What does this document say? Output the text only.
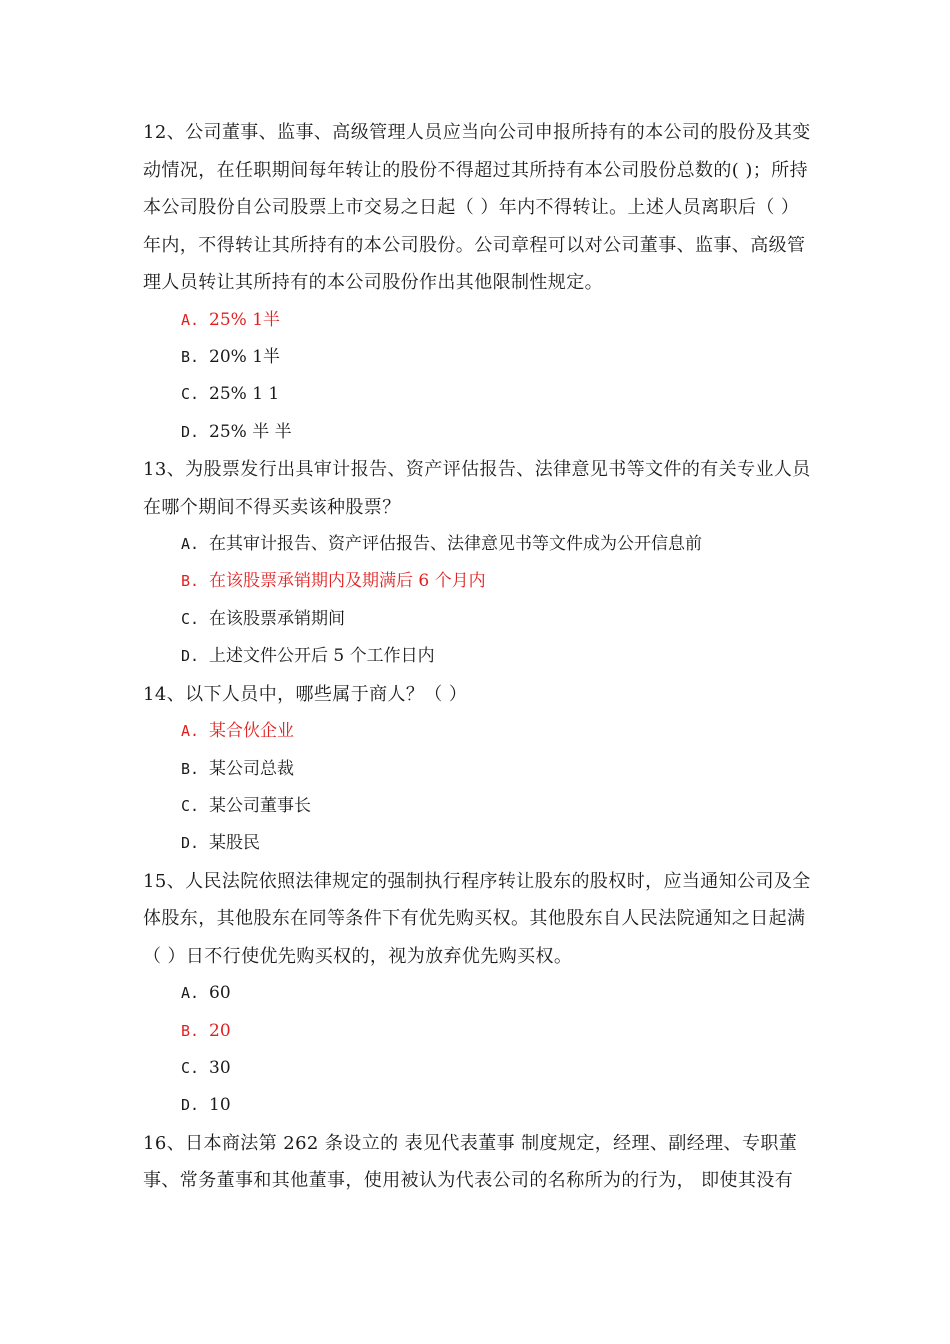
12、公司董事、监事、高级管理人员应当向公司申报所持有的本公司的股份及其变动情况，在任职期间每年转让的股份不得超过其所持有本公司股份总数的( )；所持本公司股份自公司股票上市交易之日起（ ）年内不得转让。上述人员离职后（ ）年内，不得转让其所持有的本公司股份。公司章程可以对公司董事、监事、高级管理人员转让其所持有的本公司股份作出其他限制性规定。

A. 25% 1半
B. 20% 1半
C. 25% 1 1
D. 25% 半 半

13、为股票发行出具审计报告、资产评估报告、法律意见书等文件的有关专业人员在哪个期间不得买卖该种股票？

A. 在其审计报告、资产评估报告、法律意见书等文件成为公开信息前
B. 在该股票承销期内及期满后 6 个月内
C. 在该股票承销期间
D. 上述文件公开后 5 个工作日内

14、以下人员中，哪些属于商人？（ ）

A. 某合伙企业
B. 某公司总裁
C. 某公司董事长
D. 某股民

15、人民法院依照法律规定的强制执行程序转让股东的股权时，应当通知公司及全体股东，其他股东在同等条件下有优先购买权。其他股东自人民法院通知之日起满（ ）日不行使优先购买权的，视为放弃优先购买权。

A. 60
B. 20
C. 30
D. 10

16、日本商法第 262 条设立的 表见代表董事 制度规定，经理、副经理、专职董事、常务董事和其他董事，使用被认为代表公司的名称所为的行为， 即使其没有
